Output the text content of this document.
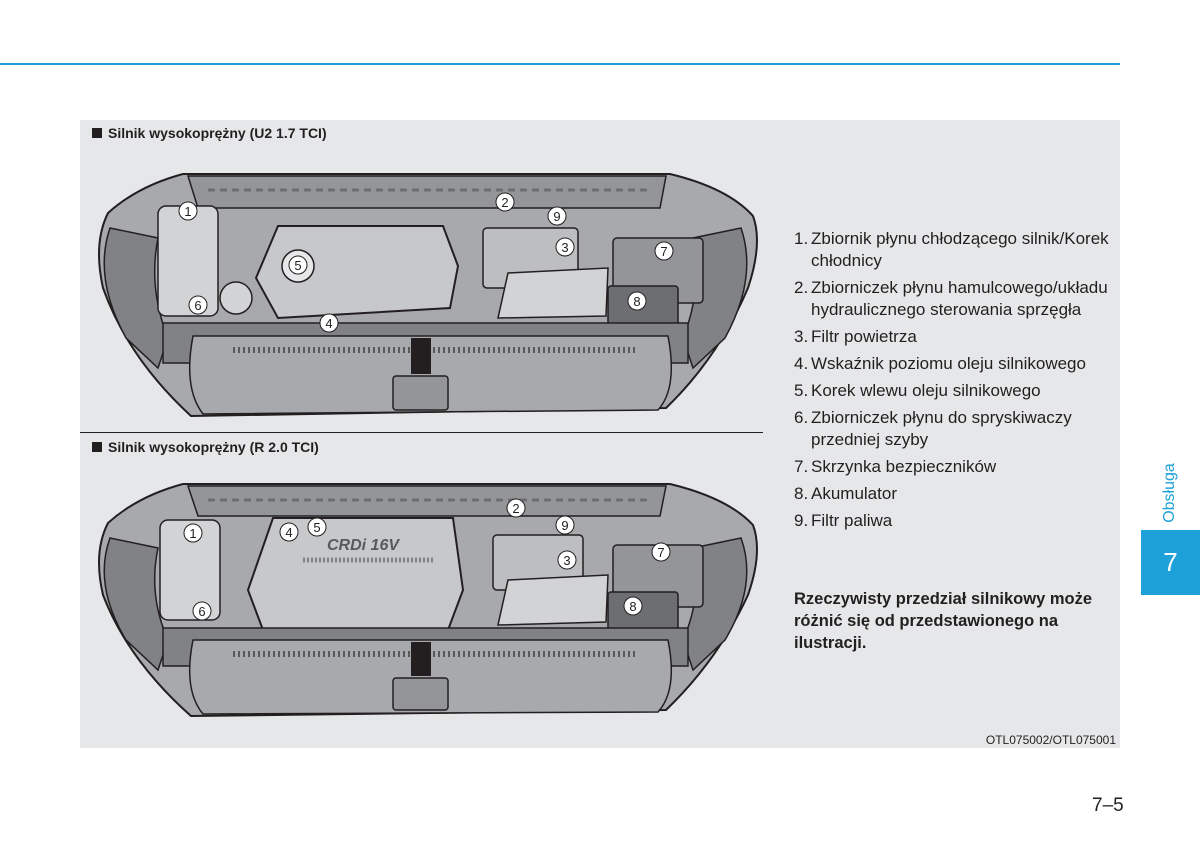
Silnik wysokoprężny (U2 1.7 TCI)
1
2
3
4
5
6
7
8
9
Silnik wysokoprężny (R 2.0 TCI)
CRDi 16V
1
2
3
4 5
6
7
8
9
1. Zbiornik płynu chłodzącego silnik/Korek chłodnicy
2. Zbiorniczek płynu hamulcowego/układu hydraulicznego sterowania sprzęgła
3. Filtr powietrza
4. Wskaźnik poziomu oleju silnikowego
5. Korek wlewu oleju silnikowego
6. Zbiorniczek płynu do spryskiwaczy przedniej szyby
7. Skrzynka bezpieczników
8. Akumulator
9. Filtr paliwa
Rzeczywisty przedział silnikowy może różnić się od przedstawionego na ilustracji.
OTL075002/OTL075001
Obsługa
7
7–5
